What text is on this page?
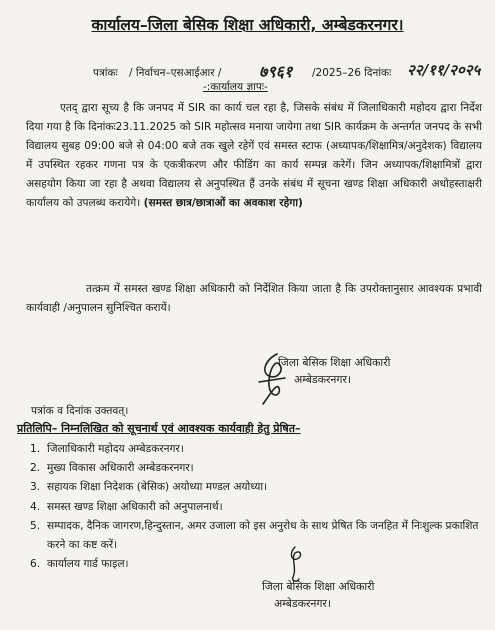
कार्यालय–जिला बेसिक शिक्षा अधिकारी, अम्बेडकरनगर।
पत्रांकः / निर्वाचन–एसआईआर / ७९६१ /2025–26 दिनांकः २२/११/२०२५
-:कार्यालय ज्ञापः-
एतद् द्वारा सूच्य है कि जनपद में SIR का कार्य चल रहा है, जिसके संबंध में जिलाधिकारी महोदय द्वारा निर्देश दिया गया है कि दिनांकः23.11.2025 को SIR महोत्सव मनाया जायेगा तथा SIR कार्यक्रम के अन्तर्गत जनपद के सभी विद्यालय सुबह 09:00 बजे से 04:00 बजे तक खुले रहेगें एवं समस्त स्टाफ (अध्यापक/शिक्षामित्र/अनुदेशक) विद्यालय में उपस्थित रहकर गणना पत्र के एकत्रीकरण और फीडिंग का कार्य सम्पन्न करेगें। जिन अध्यापक/शिक्षामित्रों द्वारा असहयोग किया जा रहा है अथवा विद्यालय से अनुपस्थित हैं उनके संबंध में सूचना खण्ड शिक्षा अधिकारी अधोहस्ताक्षरी कार्यालय को उपलब्ध करायेगे। (समस्त छात्र/छात्राओं का अवकाश रहेगा)
तत्क्रम में समस्त खण्ड शिक्षा अधिकारी को निर्देशित किया जाता है कि उपरोक्तानुसार आवश्यक प्रभावी कार्यवाही /अनुपालन सुनिश्चित करायें।
जिला बेसिक शिक्षा अधिकारी
अम्बेडकरनगर।
पत्रांक व दिनांक उक्तवत्।
प्रतिलिपि– निम्नलिखित को सूचनार्थ एवं आवश्यक कार्यवाही हेतु प्रेषित–
1. जिलाधिकारी महोदय अम्बेडकरनगर।
2. मुख्य विकास अधिकारी अम्बेडकरनगर।
3. सहायक शिक्षा निदेशक (बेसिक) अयोध्या मण्डल अयोध्या।
4. समस्त खण्ड शिक्षा अधिकारी को अनुपालनार्थ।
5. सम्पादक, दैनिक जागरण,हिन्दुस्तान, अमर उजाला को इस अनुरोध के साथ प्रेषित कि जनहित में निःशुल्क प्रकाशित करने का कष्ट करें।
6. कार्यालय गार्ड फाइल।
जिला बेसिक शिक्षा अधिकारी
अम्बेडकरनगर।
